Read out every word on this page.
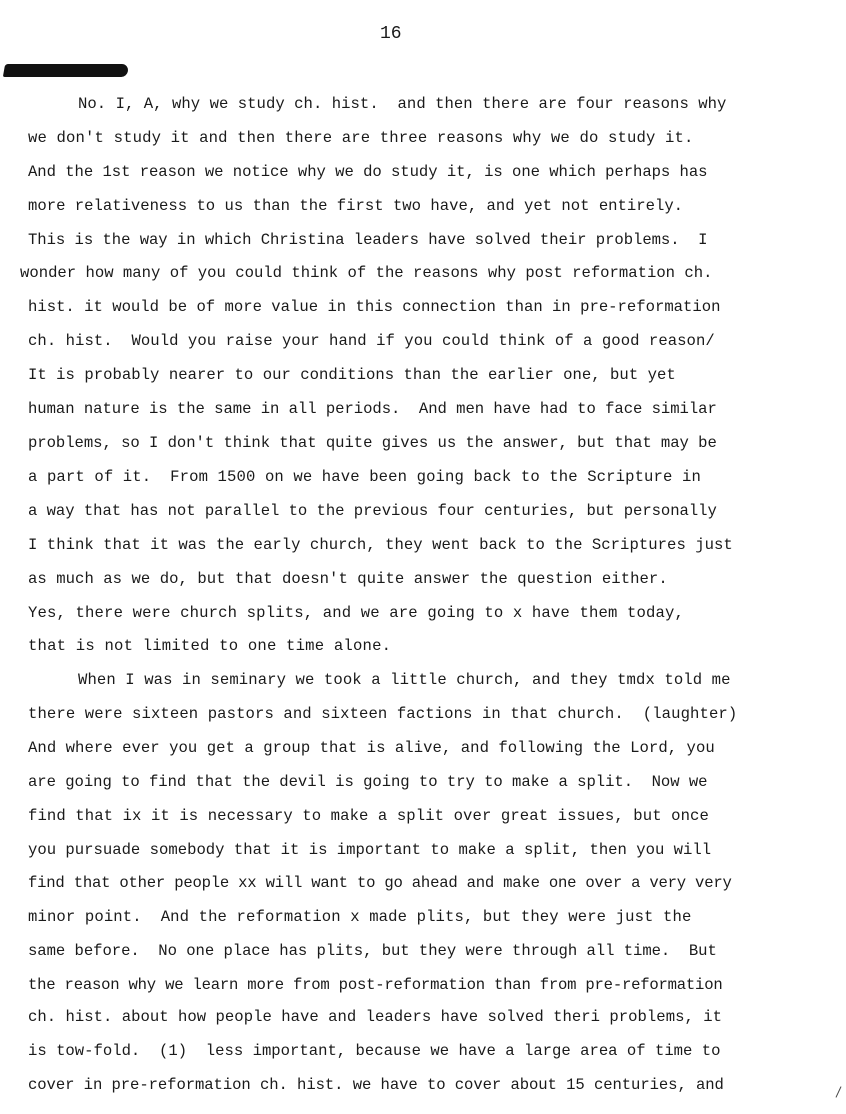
16
No. I, A, why we study ch. hist.  and then there are four reasons why
we don't study it and then there are three reasons why we do study it.
And the 1st reason we notice why we do study it, is one which perhaps has
more relativeness to us than the first two have, and yet not entirely.
This is the way in which Christina leaders have solved their problems.  I
wonder how many of you could think of the reasons why post reformation ch.
hist. it would be of more value in this connection than in pre-reformation
ch. hist.  Would you raise your hand if you could think of a good reason/
It is probably nearer to our conditions than the earlier one, but yet
human nature is the same in all periods.  And men have had to face similar
problems, so I don't think that quite gives us the answer, but that may be
a part of it.  From 1500 on we have been going back to the Scripture in
a way that has not parallel to the previous four centuries, but personally
I think that it was the early church, they went back to the Scriptures just
as much as we do, but that doesn't quite answer the question either.
Yes, there were church splits, and we are going to x have them today,
that is not limited to one time alone.
When I was in seminary we took a little church, and they tmdx told me
there were sixteen pastors and sixteen factions in that church.  (laughter)
And where ever you get a group that is alive, and following the Lord, you
are going to find that the devil is going to try to make a split.  Now we
find that ix it is necessary to make a split over great issues, but once
you pursuade somebody that it is important to make a split, then you will
find that other people xx will want to go ahead and make one over a very very
minor point.  And the reformation x made plits, but they were just the
same before.  No one place has plits, but they were through all time.  But
the reason why we learn more from post-reformation than from pre-reformation
ch. hist. about how people have and leaders have solved theri problems, it
is tow-fold.  (1)  less important, because we have a large area of time to
cover in pre-reformation ch. hist. we have to cover about 15 centuries, and
